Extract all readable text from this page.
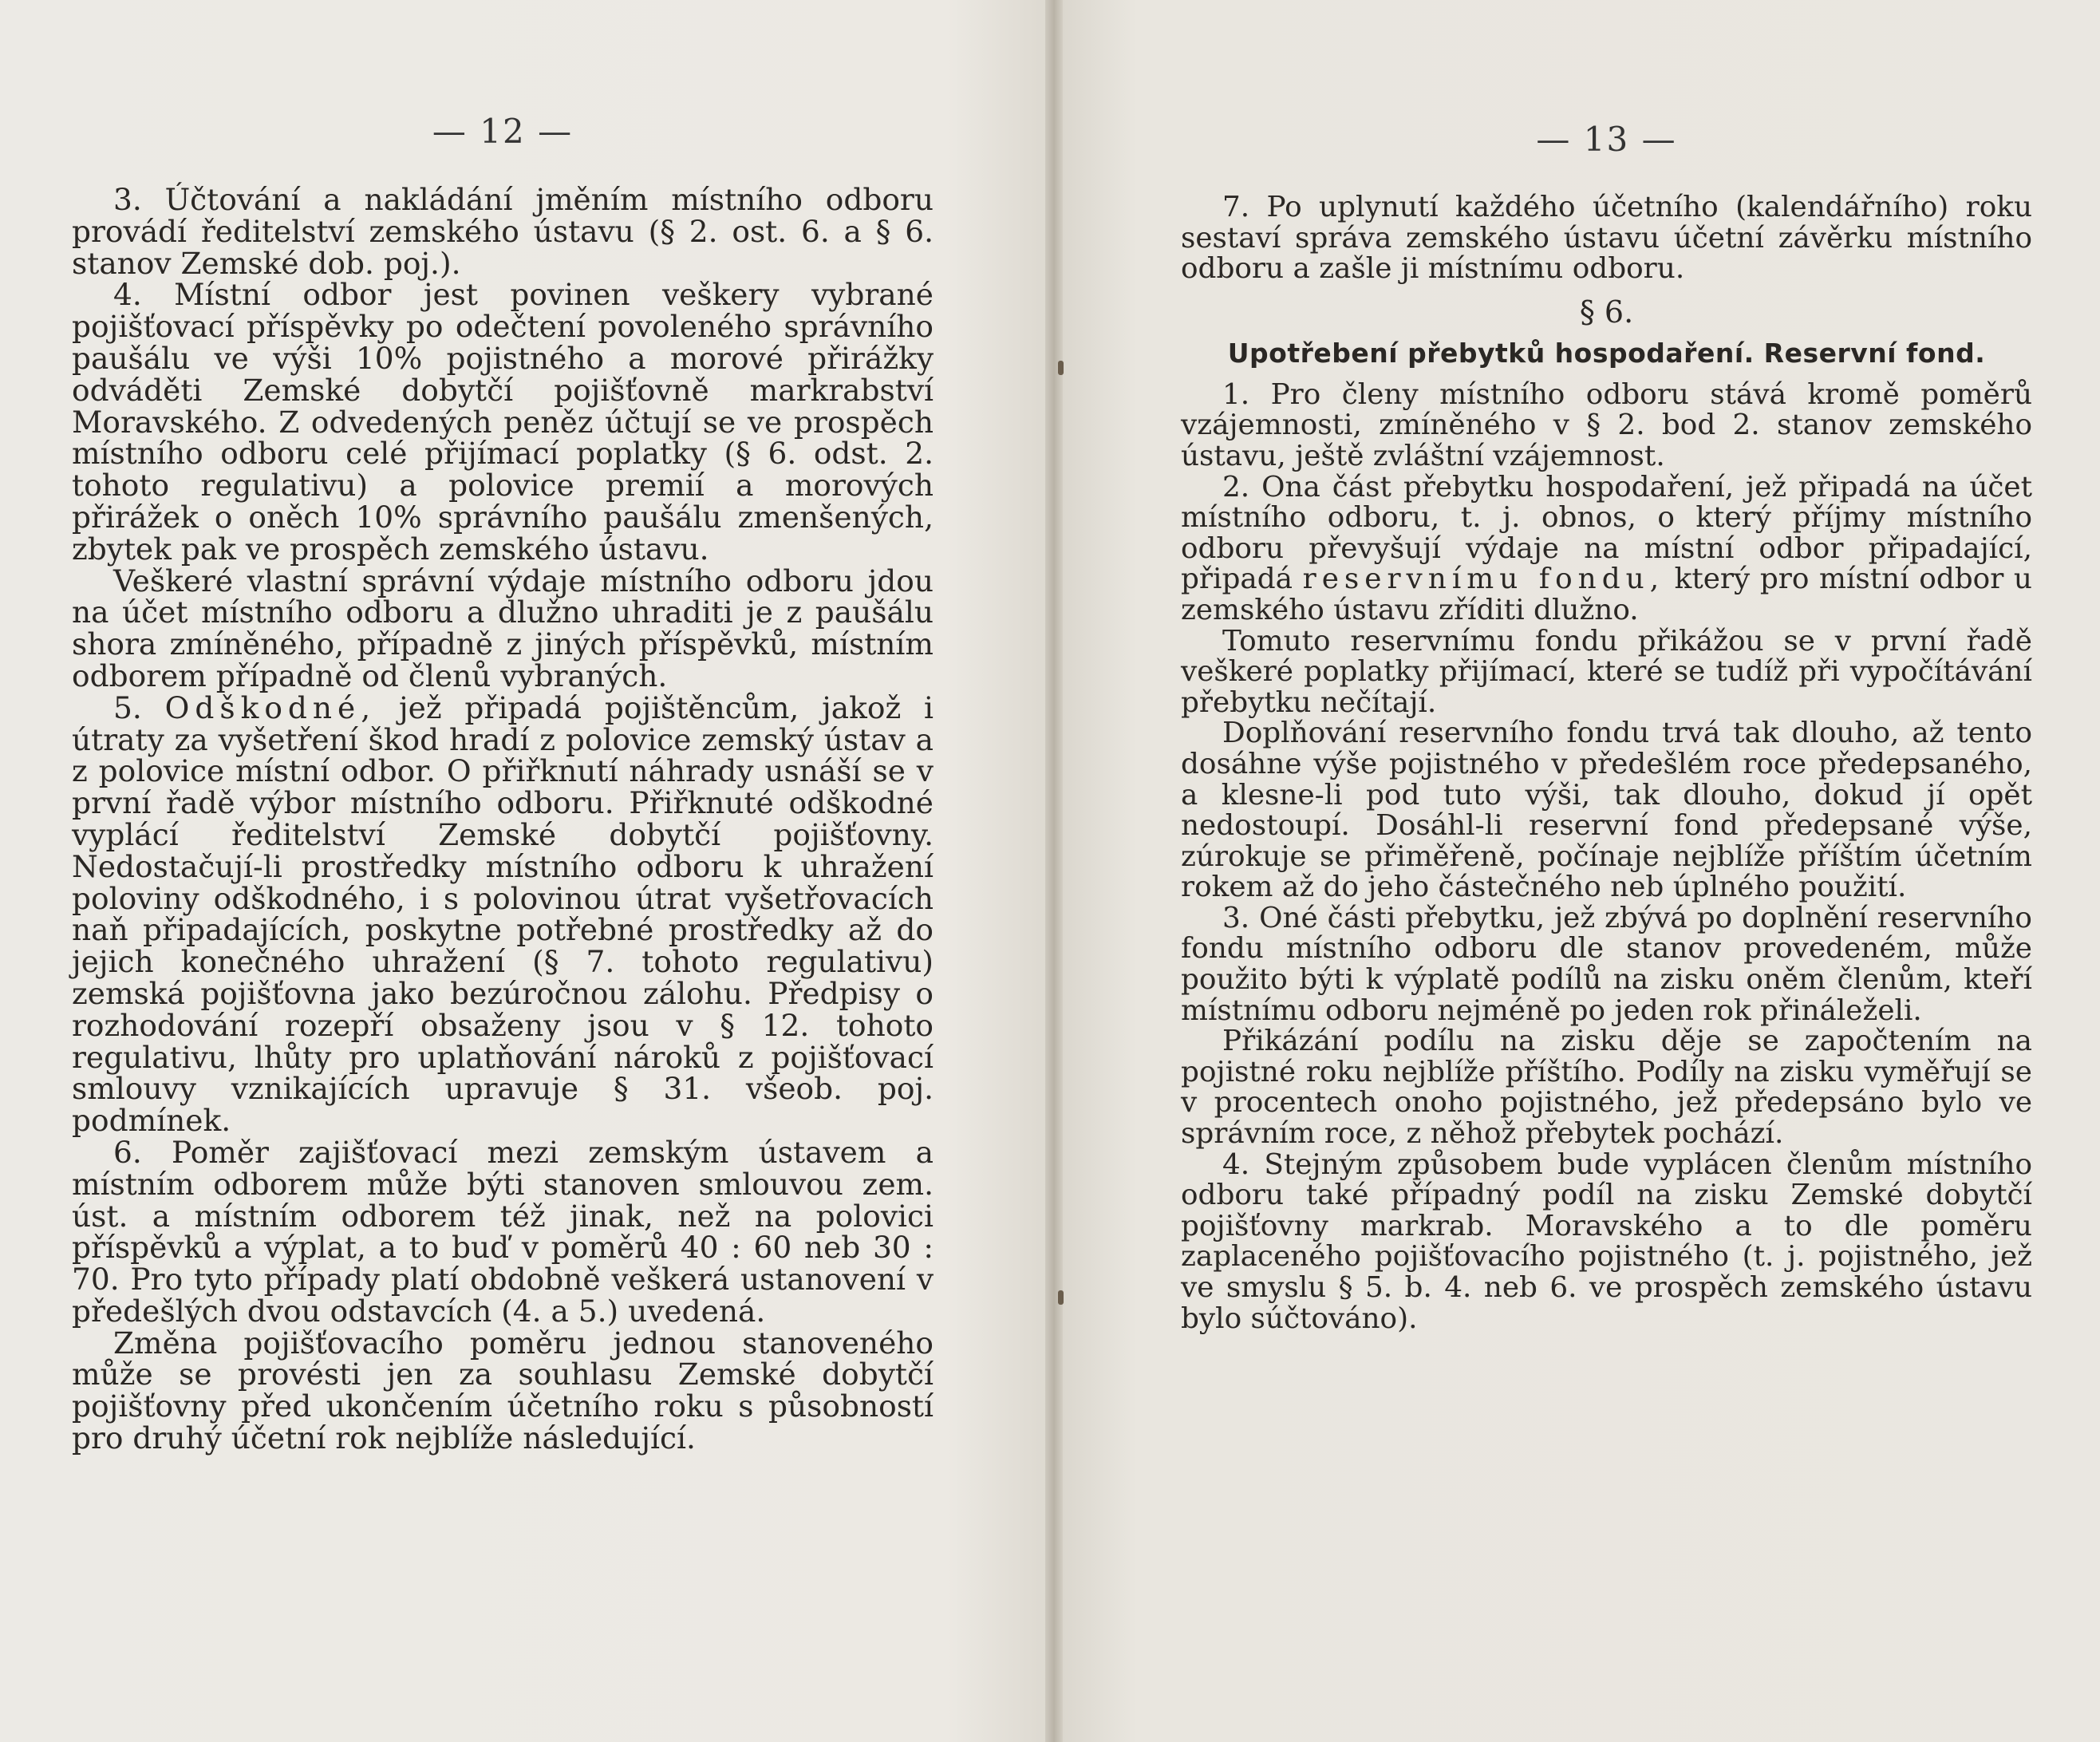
— 12 —

3. Účtování a nakládání jměním místního odboru provádí ředitelství zemského ústavu (§ 2. ost. 6. a § 6. stanov Zemské dob. poj.).

4. Místní odbor jest povinen veškery vybrané pojišťovací příspěvky po odečtení povoleného správního paušálu ve výši 10% pojistného a morové přirážky odváděti Zemské dobytčí pojišťovně markrabství Moravského. Z odvedených peněz účtují se ve prospěch místního odboru celé přijímací poplatky (§ 6. odst. 2. tohoto regulativu) a polovice premií a morových přirážek o oněch 10% správního paušálu zmenšených, zbytek pak ve prospěch zemského ústavu.

Veškeré vlastní správní výdaje místního odboru jdou na účet místního odboru a dlužno uhraditi je z paušálu shora zmíněného, případně z jiných příspěvků, místním odborem případně od členů vybraných.

5. Odškodné, jež připadá pojištěncům, jakož i útraty za vyšetření škod hradí z polovice zemský ústav a z polovice místní odbor. O přiřknutí náhrady usnáší se v první řadě výbor místního odboru. Přiřknuté odškodné vyplácí ředitelství Zemské dobytčí pojišťovny. Nedostačují-li prostředky místního odboru k uhražení poloviny odškodného, i s polovinou útrat vyšetřovacích naň připadajících, poskytne potřebné prostředky až do jejich konečného uhražení (§ 7. tohoto regulativu) zemská pojišťovna jako bezúročnou zálohu. Předpisy o rozhodování rozepří obsaženy jsou v § 12. tohoto regulativu, lhůty pro uplatňování nároků z pojišťovací smlouvy vznikajících upravuje § 31. všeob. poj. podmínek.

6. Poměr zajišťovací mezi zemským ústavem a místním odborem může býti stanoven smlouvou zem. úst. a místním odborem též jinak, než na polovici příspěvků a výplat, a to buď v poměrů 40 : 60 neb 30 : 70. Pro tyto případy platí obdobně veškerá ustanovení v předešlých dvou odstavcích (4. a 5.) uvedená.

Změna pojišťovacího poměru jednou stanoveného může se provésti jen za souhlasu Zemské dobytčí pojišťovny před ukončením účetního roku s působností pro druhý účetní rok nejblíže následující.

— 13 —

7. Po uplynutí každého účetního (kalendářního) roku sestaví správa zemského ústavu účetní závěrku místního odboru a zašle ji místnímu odboru.

§ 6.
Upotřebení přebytků hospodaření. Reservní fond.

1. Pro členy místního odboru stává kromě poměrů vzájemnosti, zmíněného v § 2. bod 2. stanov zemského ústavu, ještě zvláštní vzájemnost.

2. Ona část přebytku hospodaření, jež připadá na účet místního odboru, t. j. obnos, o který příjmy místního odboru převyšují výdaje na místní odbor připadající, připadá reservnímu fondu, který pro místní odbor u zemského ústavu zříditi dlužno.

Tomuto reservnímu fondu přikážou se v první řadě veškeré poplatky přijímací, které se tudíž při vypočítávání přebytku nečítají.

Doplňování reservního fondu trvá tak dlouho, až tento dosáhne výše pojistného v předešlém roce předepsaného, a klesne-li pod tuto výši, tak dlouho, dokud jí opět nedostoupí. Dosáhl-li reservní fond předepsané výše, zúrokuje se přiměřeně, počínaje nejblíže příštím účetním rokem až do jeho částečného neb úplného použití.

3. Oné části přebytku, jež zbývá po doplnění reservního fondu místního odboru dle stanov provedeném, může použito býti k výplatě podílů na zisku oněm členům, kteří místnímu odboru nejméně po jeden rok přináleželi.

Přikázání podílu na zisku děje se započtením na pojistné roku nejblíže příštího. Podíly na zisku vyměřují se v procentech onoho pojistného, jež předepsáno bylo ve správním roce, z něhož přebytek pochází.

4. Stejným způsobem bude vyplácen členům místního odboru také případný podíl na zisku Zemské dobytčí pojišťovny markrab. Moravského a to dle poměru zaplaceného pojišťovacího pojistného (t. j. pojistného, jež ve smyslu § 5. b. 4. neb 6. ve prospěch zemského ústavu bylo súčtováno).
